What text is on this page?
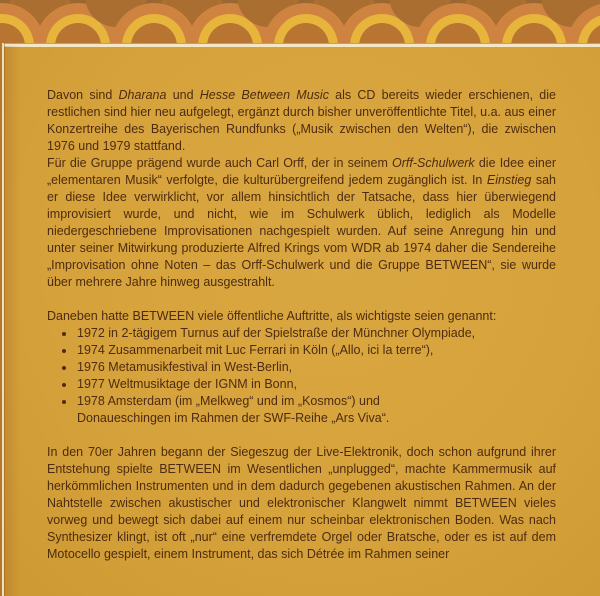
Davon sind Dharana und Hesse Between Music als CD bereits wieder erschienen, die restlichen sind hier neu aufgelegt, ergänzt durch bisher unveröffentlichte Titel, u.a. aus einer Konzertreihe des Bayerischen Rundfunks („Musik zwischen den Welten“), die zwischen 1976 und 1979 stattfand.

Für die Gruppe prägend wurde auch Carl Orff, der in seinem Orff-Schulwerk die Idee einer „elementaren Musik“ verfolgte, die kulturübergreifend jedem zugänglich ist. In Einstieg sah er diese Idee verwirklicht, vor allem hinsichtlich der Tatsache, dass hier überwiegend improvisiert wurde, und nicht, wie im Schulwerk üblich, lediglich als Modelle niedergeschriebene Improvisationen nachgespielt wurden. Auf seine Anregung hin und unter seiner Mitwirkung produzierte Alfred Krings vom WDR ab 1974 daher die Sendereihe „Improvisation ohne Noten – das Orff-Schulwerk und die Gruppe BETWEEN“, sie wurde über mehrere Jahre hinweg ausgestrahlt.

Daneben hatte BETWEEN viele öffentliche Auftritte, als wichtigste seien genannt:

• 1972 in 2-tägigem Turnus auf der Spielstraße der Münchner Olympiade,
• 1974 Zusammenarbeit mit Luc Ferrari in Köln („Allo, ici la terre“),
• 1976 Metamusikfestival in West-Berlin,
• 1977 Weltmusiktage der IGNM in Bonn,
• 1978 Amsterdam (im „Melkweg“ und im „Kosmos“) und
Donaueschingen im Rahmen der SWF-Reihe „Ars Viva“.

In den 70er Jahren begann der Siegeszug der Live-Elektronik, doch schon aufgrund ihrer Entstehung spielte BETWEEN im Wesentlichen „unplugged“, machte Kammermusik auf herkömmlichen Instrumenten und in dem dadurch gegebenen akustischen Rahmen. An der Nahtstelle zwischen akustischer und elektronischer Klangwelt nimmt BETWEEN vieles vorweg und bewegt sich dabei auf einem nur scheinbar elektronischen Boden. Was nach Synthesizer klingt, ist oft „nur“ eine verfremdete Orgel oder Bratsche, oder es ist auf dem Motocello gespielt, einem Instrument, das sich Détrée im Rahmen seiner
